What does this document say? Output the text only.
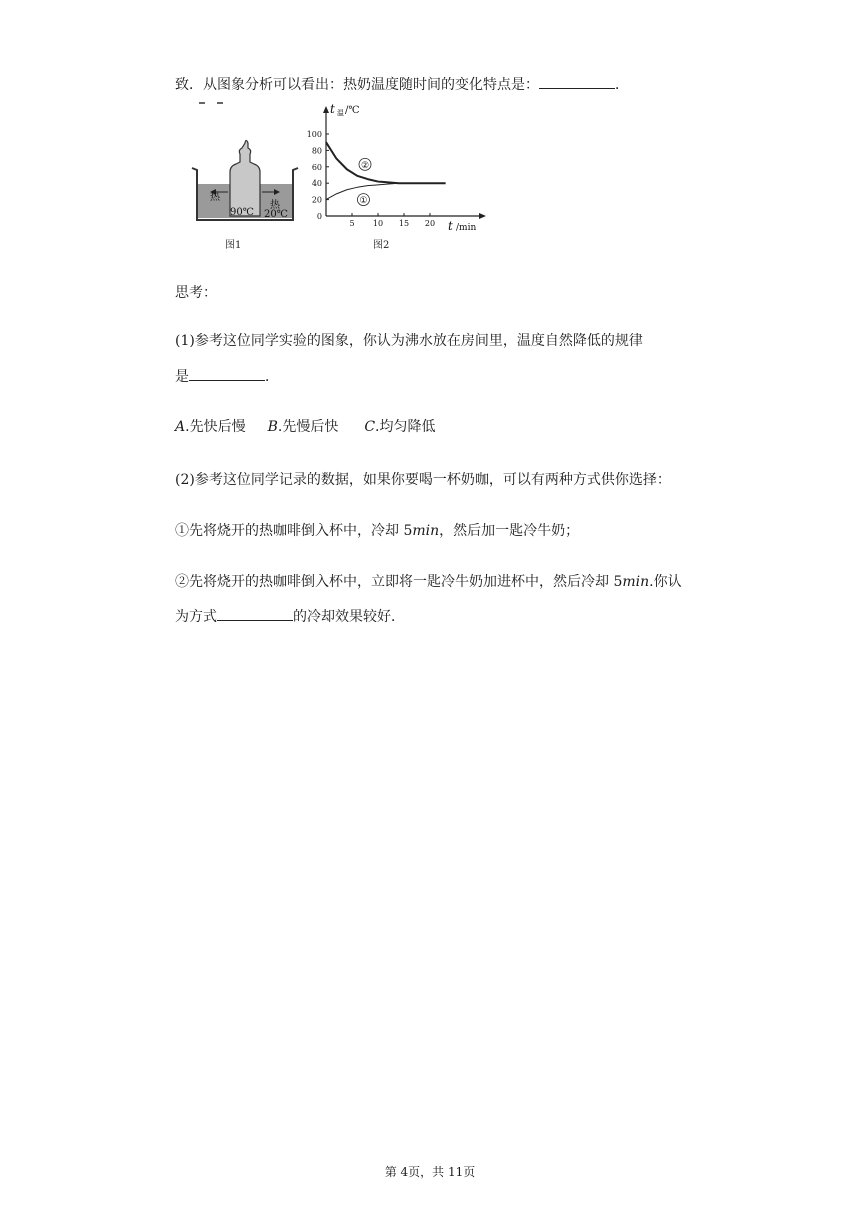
致．从图象分析可以看出：热奶温度随时间的变化特点是：	．
热
热
90℃ 20℃
图1
t 温 /℃
t /min
图2
5 10 15 20
100
80
60
40
20
0
②
①
思考：
(1)参考这位同学实验的图象，你认为沸水放在房间里，温度自然降低的规律
是	．
A.先快后慢 B.先慢后快 C.均匀降低
(2)参考这位同学记录的数据，如果你要喝一杯奶咖，可以有两种方式供你选择：
①先将烧开的热咖啡倒入杯中，冷却 5min，然后加一匙冷牛奶；
②先将烧开的热咖啡倒入杯中，立即将一匙冷牛奶加进杯中，然后冷却 5min.你认
为方式	的冷却效果较好．
第 4页，共 11页
